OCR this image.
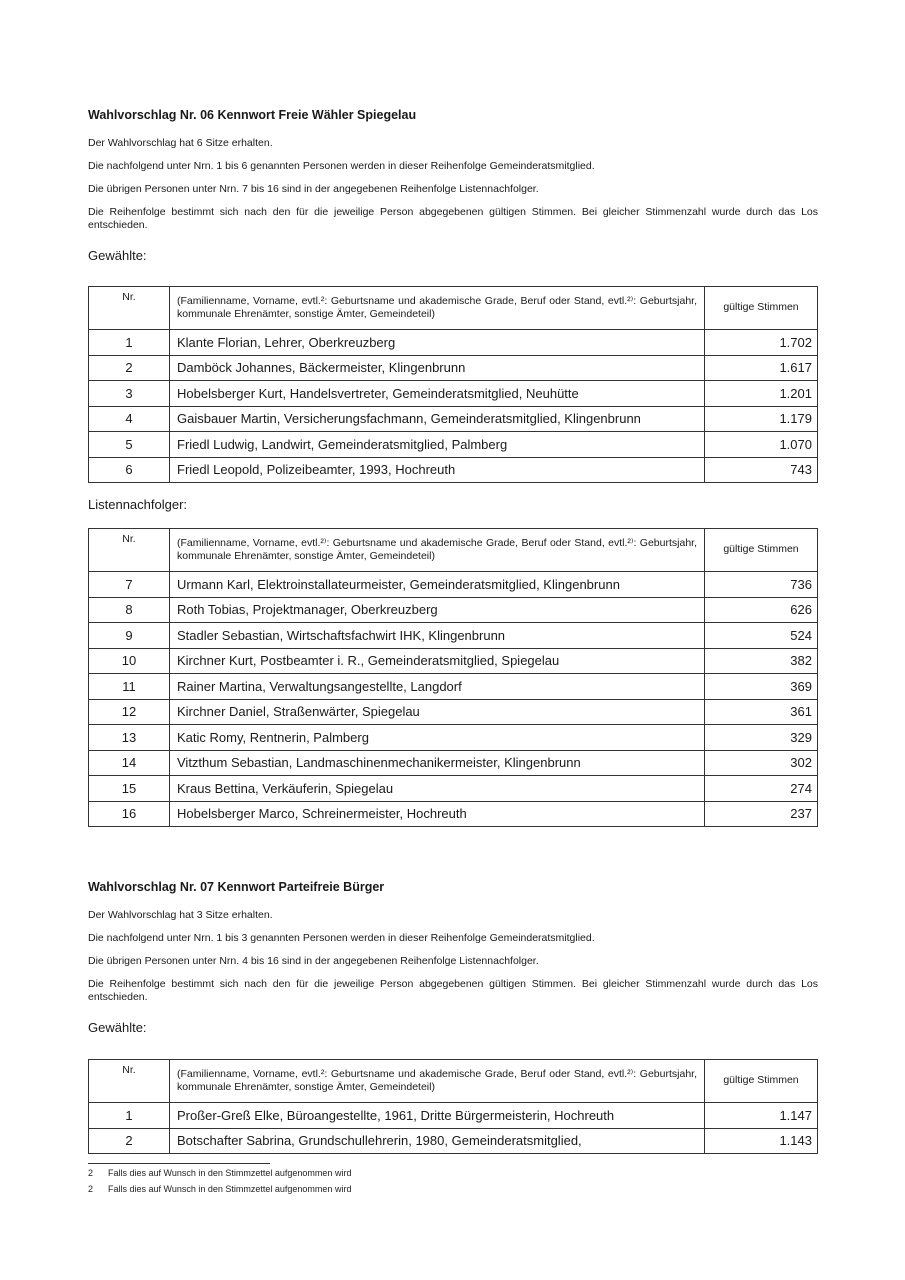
Wahlvorschlag Nr. 06 Kennwort Freie Wähler Spiegelau

Der Wahlvorschlag hat 6 Sitze erhalten.

Die nachfolgend unter Nrn. 1 bis 6 genannten Personen werden in dieser Reihenfolge Gemeinderatsmitglied.

Die übrigen Personen unter Nrn. 7 bis 16 sind in der angegebenen Reihenfolge Listennachfolger.

Die Reihenfolge bestimmt sich nach den für die jeweilige Person abgegebenen gültigen Stimmen. Bei gleicher Stimmenzahl wurde durch das Los entschieden.

Gewählte:

Nr.	(Familienname, Vorname, evtl.²: Geburtsname und akademische Grade, Beruf oder Stand, evtl.²⁾: Geburtsjahr, kommunale Ehrenämter, sonstige Ämter, Gemeindeteil)	gültige Stimmen
1	Klante Florian, Lehrer, Oberkreuzberg	1.702
2	Damböck Johannes, Bäckermeister, Klingenbrunn	1.617
3	Hobelsberger Kurt, Handelsvertreter, Gemeinderatsmitglied, Neuhütte	1.201
4	Gaisbauer Martin, Versicherungsfachmann, Gemeinderatsmitglied, Klingenbrunn	1.179
5	Friedl Ludwig, Landwirt, Gemeinderatsmitglied, Palmberg	1.070
6	Friedl Leopold, Polizeibeamter, 1993, Hochreuth	743

Listennachfolger:

Nr.	(Familienname, Vorname, evtl.²⁾: Geburtsname und akademische Grade, Beruf oder Stand, evtl.²⁾: Geburtsjahr, kommunale Ehrenämter, sonstige Ämter, Gemeindeteil)	gültige Stimmen
7	Urmann Karl, Elektroinstallateurmeister, Gemeinderatsmitglied, Klingenbrunn	736
8	Roth Tobias, Projektmanager, Oberkreuzberg	626
9	Stadler Sebastian, Wirtschaftsfachwirt IHK, Klingenbrunn	524
10	Kirchner Kurt, Postbeamter i. R., Gemeinderatsmitglied, Spiegelau	382
11	Rainer Martina, Verwaltungsangestellte, Langdorf	369
12	Kirchner Daniel, Straßenwärter, Spiegelau	361
13	Katic Romy, Rentnerin, Palmberg	329
14	Vitzthum Sebastian, Landmaschinenmechanikermeister, Klingenbrunn	302
15	Kraus Bettina, Verkäuferin, Spiegelau	274
16	Hobelsberger Marco, Schreinermeister, Hochreuth	237

Wahlvorschlag Nr. 07 Kennwort Parteifreie Bürger

Der Wahlvorschlag hat 3 Sitze erhalten.

Die nachfolgend unter Nrn. 1 bis 3 genannten Personen werden in dieser Reihenfolge Gemeinderatsmitglied.

Die übrigen Personen unter Nrn. 4 bis 16 sind in der angegebenen Reihenfolge Listennachfolger.

Die Reihenfolge bestimmt sich nach den für die jeweilige Person abgegebenen gültigen Stimmen. Bei gleicher Stimmenzahl wurde durch das Los entschieden.

Gewählte:

Nr.	(Familienname, Vorname, evtl.²: Geburtsname und akademische Grade, Beruf oder Stand, evtl.²⁾: Geburtsjahr, kommunale Ehrenämter, sonstige Ämter, Gemeindeteil)	gültige Stimmen
1	Proßer-Greß Elke, Büroangestellte, 1961, Dritte Bürgermeisterin, Hochreuth	1.147
2	Botschafter Sabrina, Grundschullehrerin, 1980, Gemeinderatsmitglied,	1.143
2 Falls dies auf Wunsch in den Stimmzettel aufgenommen wird
2 Falls dies auf Wunsch in den Stimmzettel aufgenommen wird
